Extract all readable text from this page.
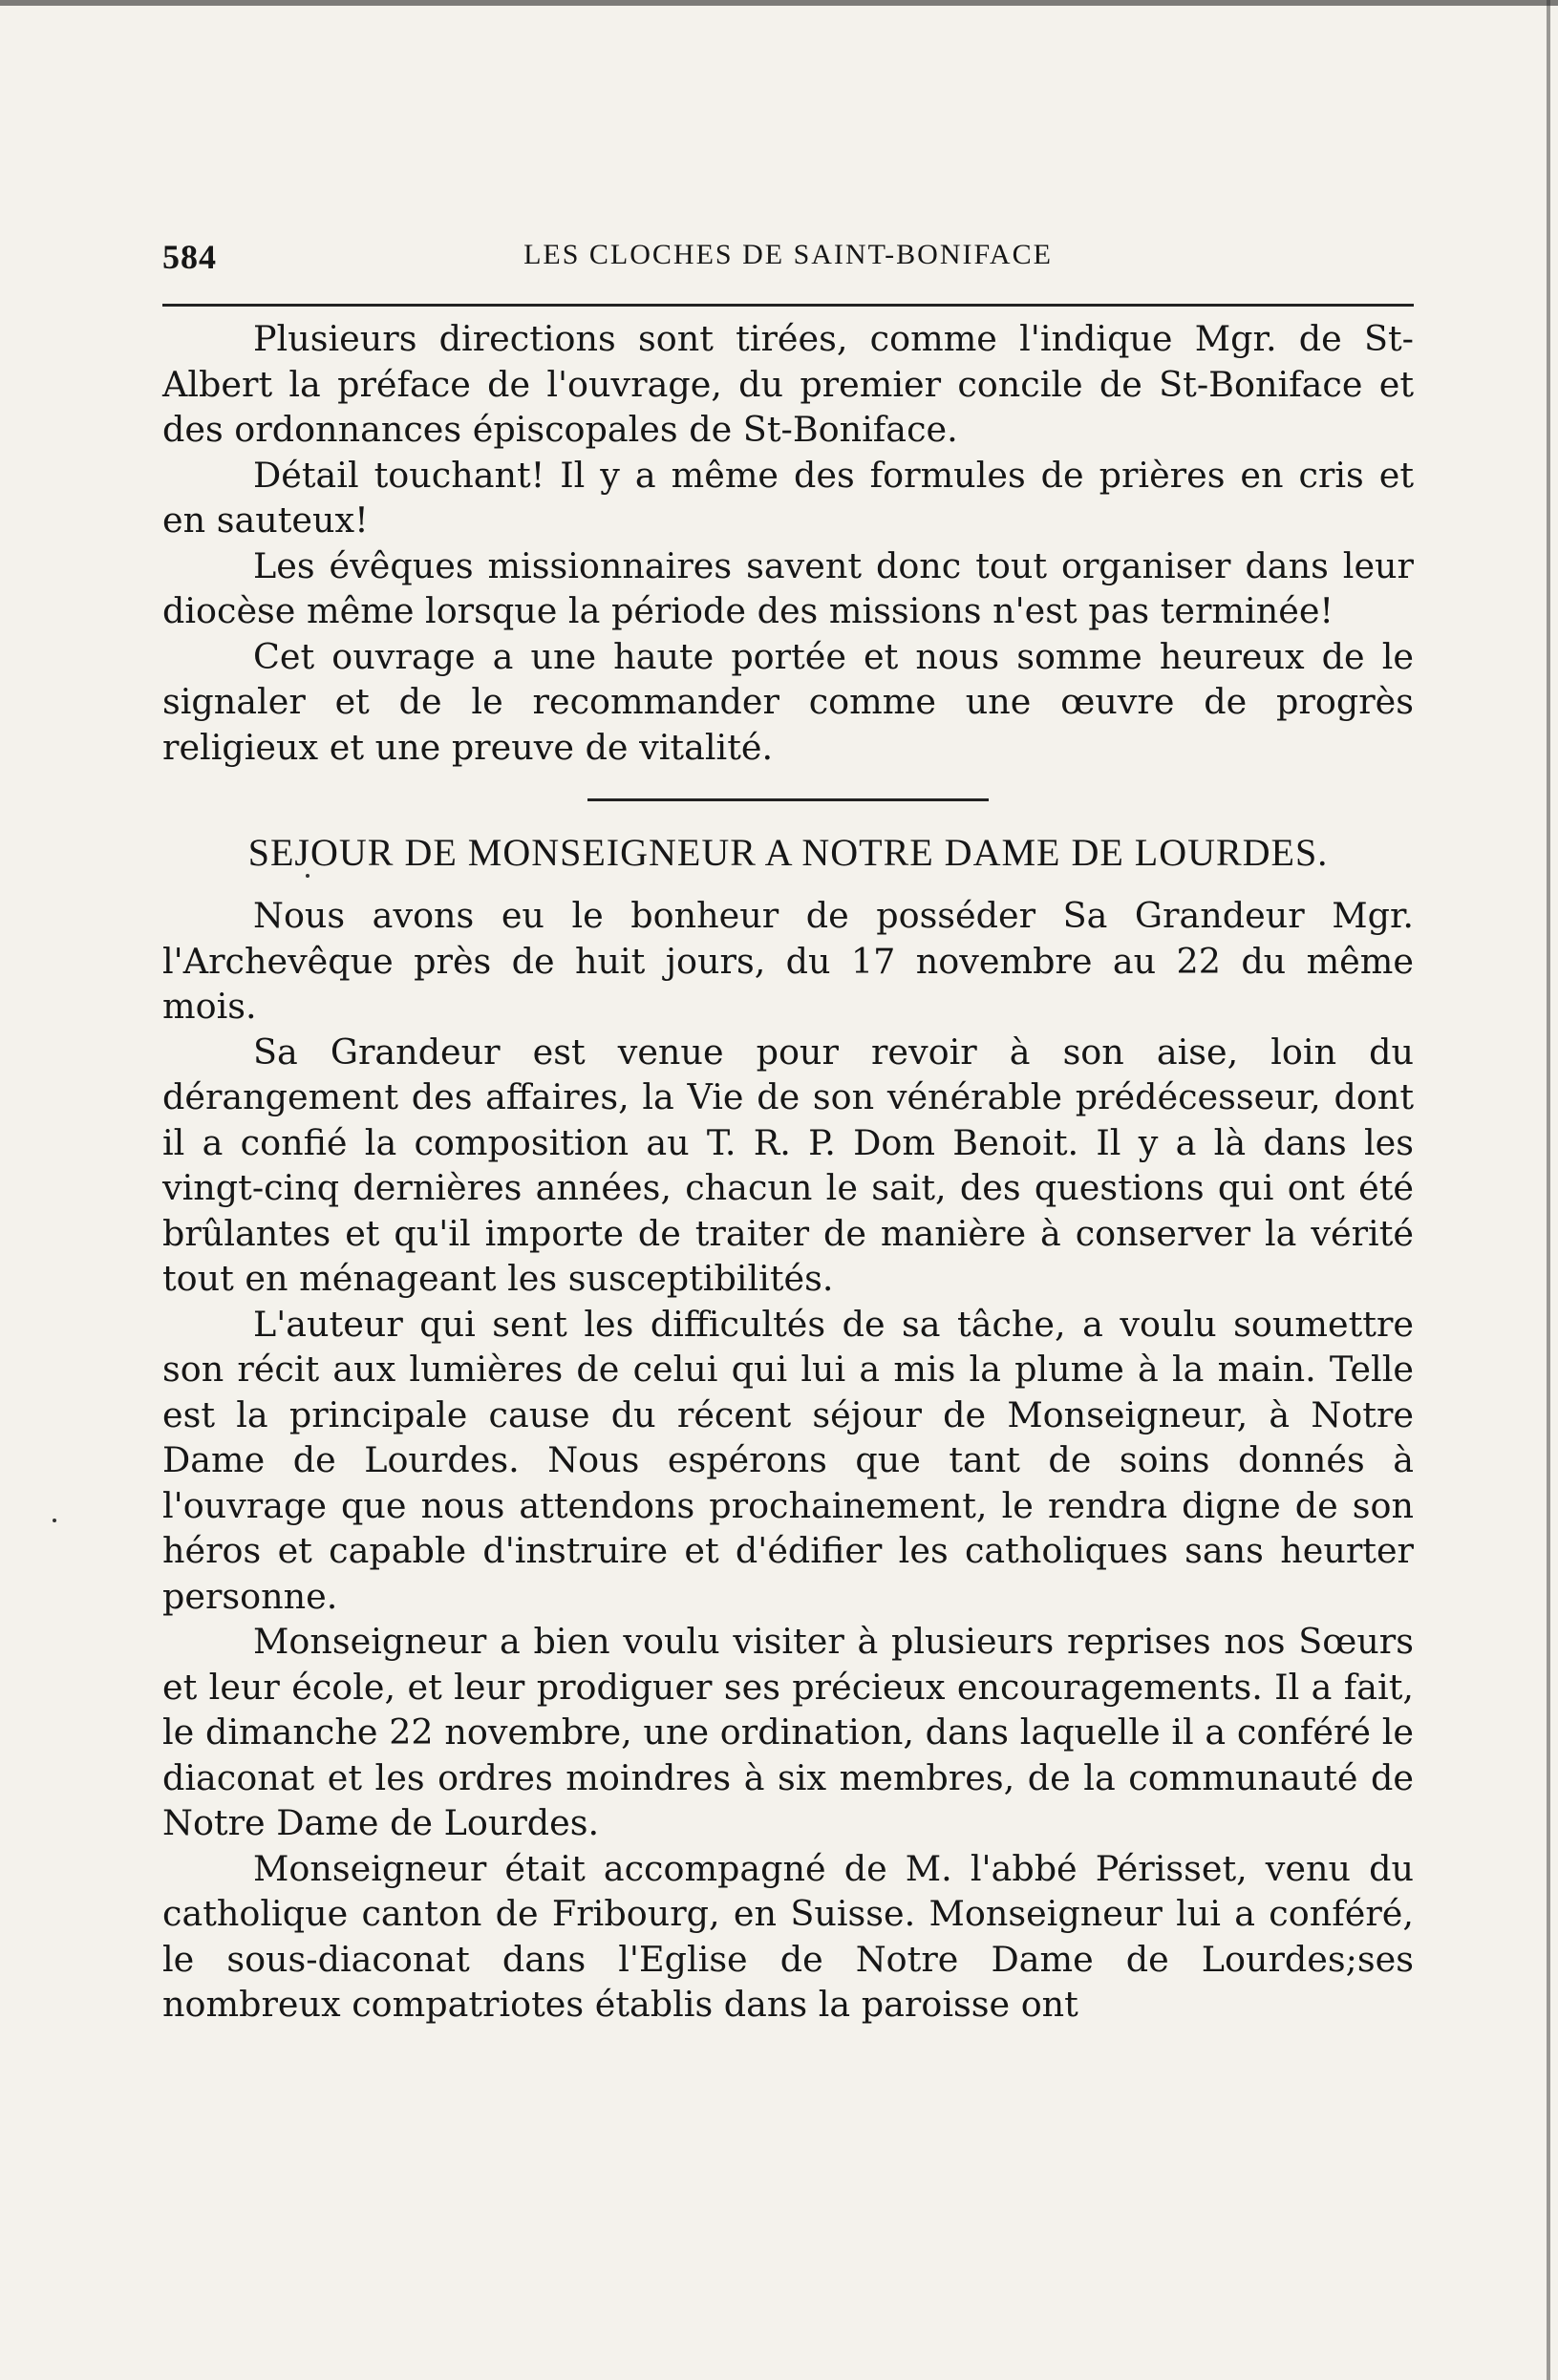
584	LES CLOCHES DE SAINT-BONIFACE

Plusieurs directions sont tirées, comme l'indique Mgr. de St-Albert la préface de l'ouvrage, du premier concile de St-Boniface et des ordonnances épiscopales de St-Boniface.

Détail touchant! Il y a même des formules de prières en cris et en sauteux!

Les évêques missionnaires savent donc tout organiser dans leur diocèse même lorsque la période des missions n'est pas terminée!

Cet ouvrage a une haute portée et nous somme heureux de le signaler et de le recommander comme une œuvre de progrès religieux et une preuve de vitalité.

SEJOUR DE MONSEIGNEUR A NOTRE DAME DE LOURDES.

Nous avons eu le bonheur de posséder Sa Grandeur Mgr. l'Archevêque près de huit jours, du 17 novembre au 22 du même mois.

Sa Grandeur est venue pour revoir à son aise, loin du dérangement des affaires, la Vie de son vénérable prédécesseur, dont il a confié la composition au T. R. P. Dom Benoit. Il y a là dans les vingt-cinq dernières années, chacun le sait, des questions qui ont été brûlantes et qu'il importe de traiter de manière à conserver la vérité tout en ménageant les susceptibilités.

L'auteur qui sent les difficultés de sa tâche, a voulu soumettre son récit aux lumières de celui qui lui a mis la plume à la main. Telle est la principale cause du récent séjour de Monseigneur, à Notre Dame de Lourdes. Nous espérons que tant de soins donnés à l'ouvrage que nous attendons prochainement, le rendra digne de son héros et capable d'instruire et d'édifier les catholiques sans heurter personne.

Monseigneur a bien voulu visiter à plusieurs reprises nos Sœurs et leur école, et leur prodiguer ses précieux encouragements. Il a fait, le dimanche 22 novembre, une ordination, dans laquelle il a conféré le diaconat et les ordres moindres à six membres, de la communauté de Notre Dame de Lourdes.

Monseigneur était accompagné de M. l'abbé Périsset, venu du catholique canton de Fribourg, en Suisse. Monseigneur lui a conféré, le sous-diaconat dans l'Eglise de Notre Dame de Lourdes;ses nombreux compatriotes établis dans la paroisse ont
